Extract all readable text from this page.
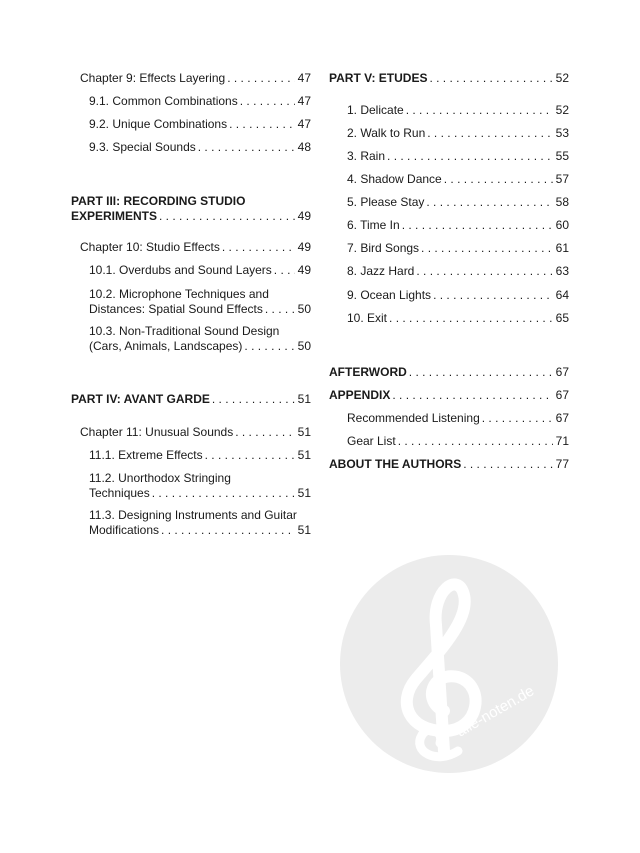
Chapter 9: Effects Layering . . .	47
9.1. Common Combinations . . .	47
9.2. Unique Combinations . . .	47
9.3. Special Sounds . . .	48
PART III: RECORDING STUDIO
EXPERIMENTS . . .	49
Chapter 10: Studio Effects . . .	49
10.1. Overdubs and Sound Layers . . . 49
10.2. Microphone Techniques and
Distances: Spatial Sound Effects . . .	50
10.3. Non-Traditional Sound Design
(Cars, Animals, Landscapes) . . .	50
PART IV: AVANT GARDE . . .	51
Chapter 11: Unusual Sounds . . .	51
11.1. Extreme Effects . . .	51
11.2. Unorthodox Stringing
Techniques . . .	51
11.3. Designing Instruments and Guitar
Modifications . . .	51
PART V: ETUDES . . .	52
1. Delicate . . .	52
2. Walk to Run . . .	53
3. Rain . . .	55
4. Shadow Dance . . .	57
5. Please Stay . . .	58
6. Time In . . .	60
7. Bird Songs . . .	61
8. Jazz Hard . . .	63
9. Ocean Lights . . .	64
10. Exit . . .	65
AFTERWORD . . .	67
APPENDIX . . .	67
Recommended Listening . . .	67
Gear List . . .	71
ABOUT THE AUTHORS . . .	77
alle-noten.de
